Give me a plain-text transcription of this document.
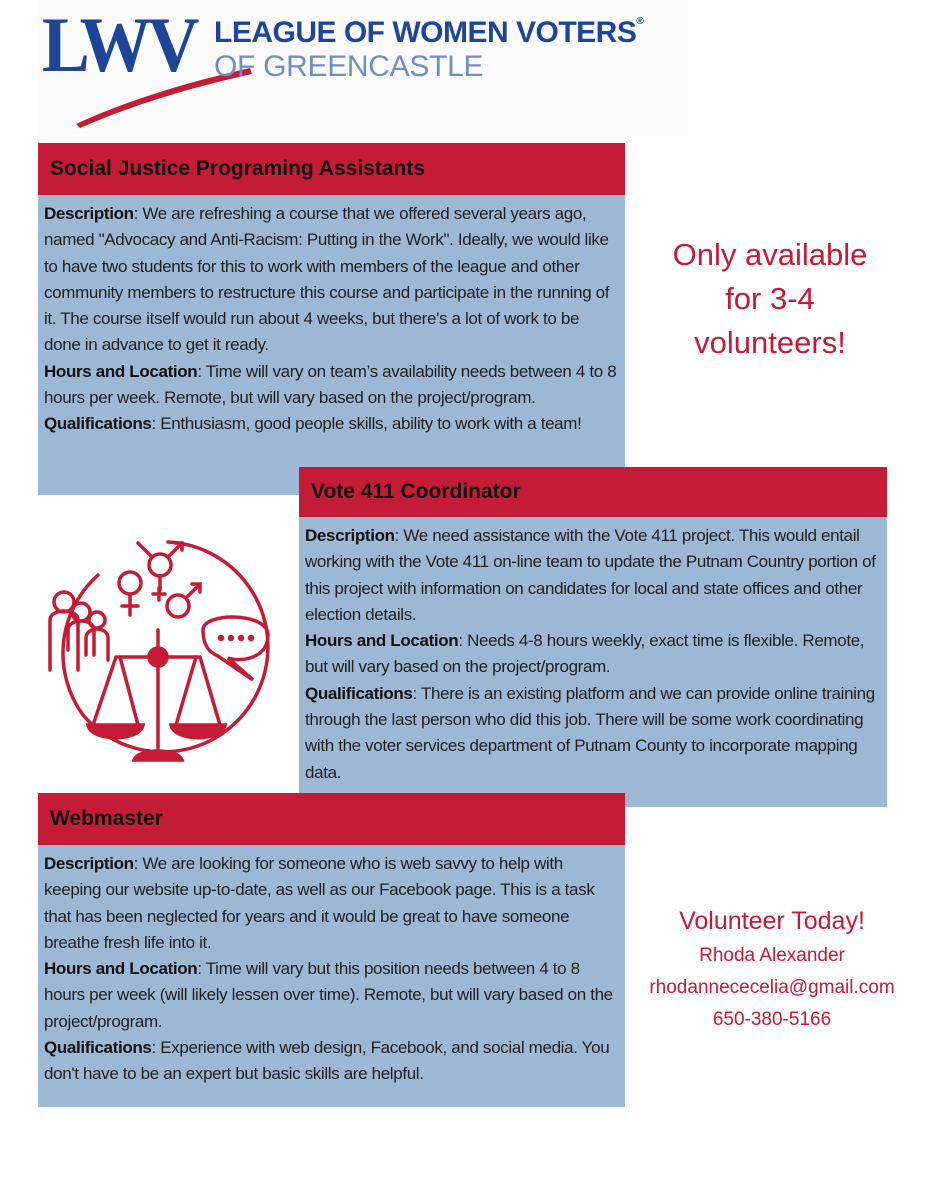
LWV LEAGUE OF WOMEN VOTERS®
OF GREENCASTLE
Social Justice Programing Assistants
Description: We are refreshing a course that we offered several years ago, named "Advocacy and Anti-Racism: Putting in the Work". Ideally, we would like to have two students for this to work with members of the league and other community members to restructure this course and participate in the running of it. The course itself would run about 4 weeks, but there's a lot of work to be done in advance to get it ready.
Hours and Location: Time will vary on team’s availability needs between 4 to 8 hours per week. Remote, but will vary based on the project/program.
Qualifications: Enthusiasm, good people skills, ability to work with a team!
Only available
for 3-4
volunteers!
Vote 411 Coordinator
Description: We need assistance with the Vote 411 project. This would entail working with the Vote 411 on-line team to update the Putnam Country portion of this project with information on candidates for local and state offices and other election details.
Hours and Location: Needs 4-8 hours weekly, exact time is flexible. Remote, but will vary based on the project/program.
Qualifications: There is an existing platform and we can provide online training through the last person who did this job. There will be some work coordinating with the voter services department of Putnam County to incorporate mapping data.
Webmaster
Description: We are looking for someone who is web savvy to help with keeping our website up-to-date, as well as our Facebook page. This is a task that has been neglected for years and it would be great to have someone breathe fresh life into it.
Hours and Location: Time will vary but this position needs between 4 to 8 hours per week (will likely lessen over time). Remote, but will vary based on the project/program.
Qualifications: Experience with web design, Facebook, and social media. You don't have to be an expert but basic skills are helpful.
Volunteer Today!
Rhoda Alexander
rhodannececelia@gmail.com
650-380-5166
